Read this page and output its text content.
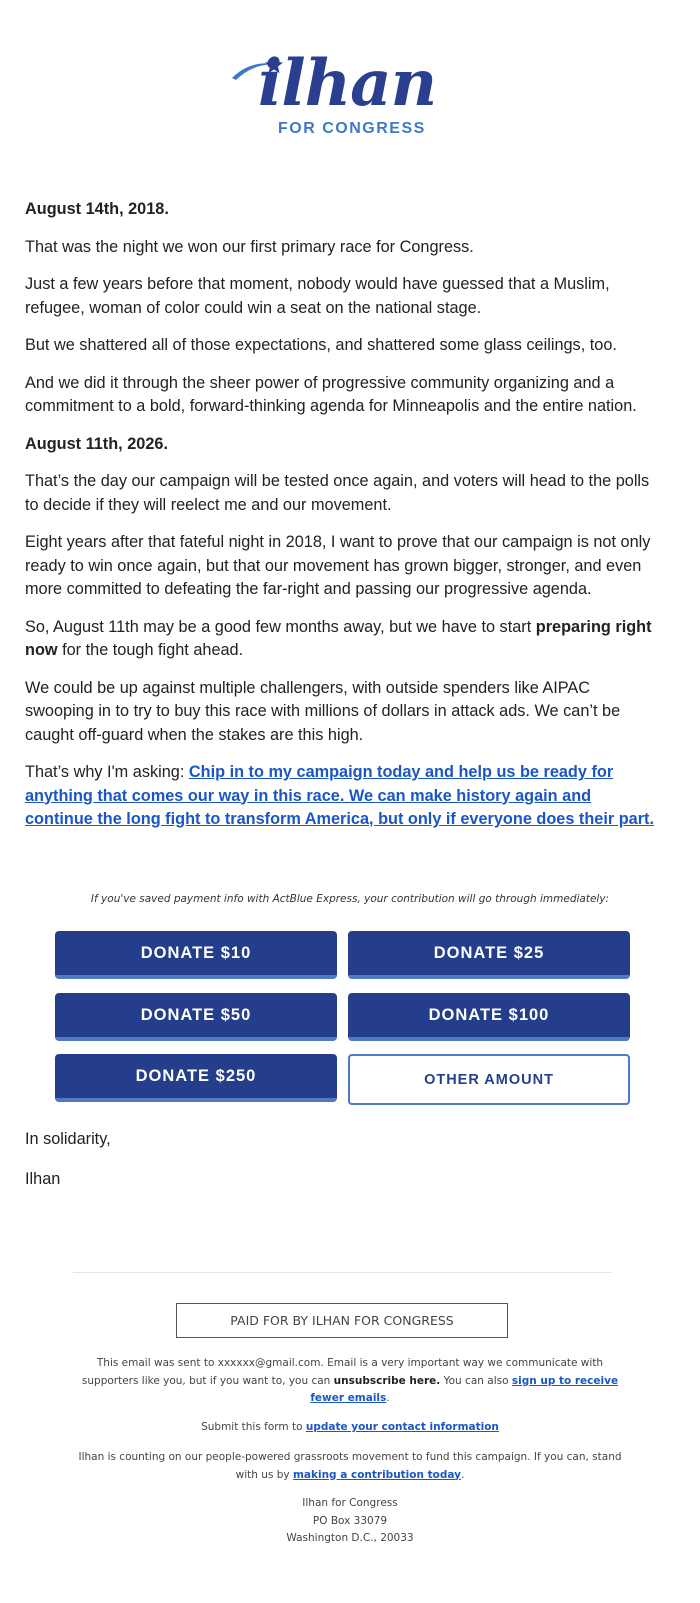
ilhan
FOR CONGRESS

August 14th, 2018.

That was the night we won our first primary race for Congress.

Just a few years before that moment, nobody would have guessed that a Muslim, refugee, woman of color could win a seat on the national stage.

But we shattered all of those expectations, and shattered some glass ceilings, too.

And we did it through the sheer power of progressive community organizing and a commitment to a bold, forward-thinking agenda for Minneapolis and the entire nation.

August 11th, 2026.

That’s the day our campaign will be tested once again, and voters will head to the polls to decide if they will reelect me and our movement.

Eight years after that fateful night in 2018, I want to prove that our campaign is not only ready to win once again, but that our movement has grown bigger, stronger, and even more committed to defeating the far-right and passing our progressive agenda.

So, August 11th may be a good few months away, but we have to start preparing right now for the tough fight ahead.

We could be up against multiple challengers, with outside spenders like AIPAC swooping in to try to buy this race with millions of dollars in attack ads. We can’t be caught off-guard when the stakes are this high.

That’s why I'm asking: Chip in to my campaign today and help us be ready for anything that comes our way in this race. We can make history again and continue the long fight to transform America, but only if everyone does their part.

If you've saved payment info with ActBlue Express, your contribution will go through immediately:
DONATE $10	DONATE $25
DONATE $50	DONATE $100
DONATE $250	OTHER AMOUNT
In solidarity,
Ilhan
PAID FOR BY ILHAN FOR CONGRESS
This email was sent to xxxxxx@gmail.com. Email is a very important way we communicate with supporters like you, but if you want to, you can unsubscribe here. You can also sign up to receive fewer emails.
Submit this form to update your contact information
Ilhan is counting on our people-powered grassroots movement to fund this campaign. If you can, stand with us by making a contribution today.
Ilhan for Congress
PO Box 33079
Washington D.C., 20033
